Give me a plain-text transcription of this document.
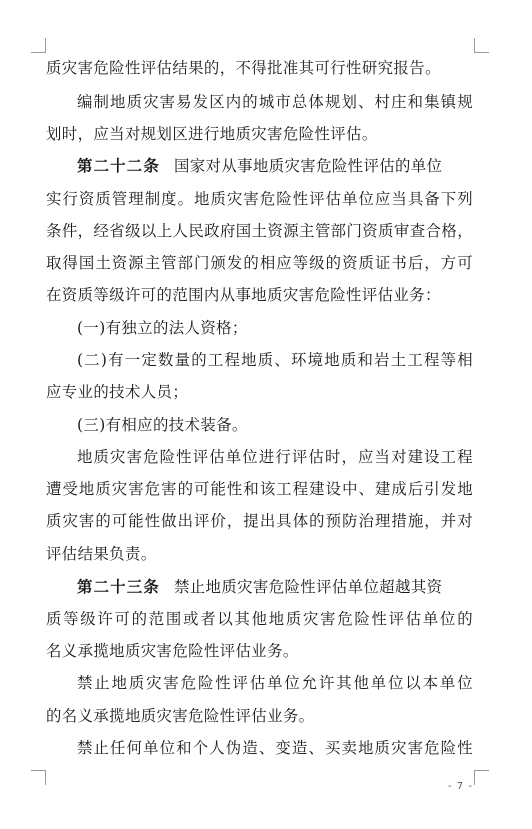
质灾害危险性评估结果的，不得批准其可行性研究报告。
编制地质灾害易发区内的城市总体规划、村庄和集镇规
划时，应当对规划区进行地质灾害危险性评估。
第二十二条 国家对从事地质灾害危险性评估的单位
实行资质管理制度。地质灾害危险性评估单位应当具备下列
条件，经省级以上人民政府国土资源主管部门资质审查合格，
取得国土资源主管部门颁发的相应等级的资质证书后，方可
在资质等级许可的范围内从事地质灾害危险性评估业务：
(一)有独立的法人资格；
(二)有一定数量的工程地质、环境地质和岩土工程等相
应专业的技术人员；
(三)有相应的技术装备。
地质灾害危险性评估单位进行评估时，应当对建设工程
遭受地质灾害危害的可能性和该工程建设中、建成后引发地
质灾害的可能性做出评价，提出具体的预防治理措施，并对
评估结果负责。
第二十三条 禁止地质灾害危险性评估单位超越其资
质等级许可的范围或者以其他地质灾害危险性评估单位的
名义承揽地质灾害危险性评估业务。
禁止地质灾害危险性评估单位允许其他单位以本单位
的名义承揽地质灾害危险性评估业务。
禁止任何单位和个人伪造、变造、买卖地质灾害危险性
- 7 -
